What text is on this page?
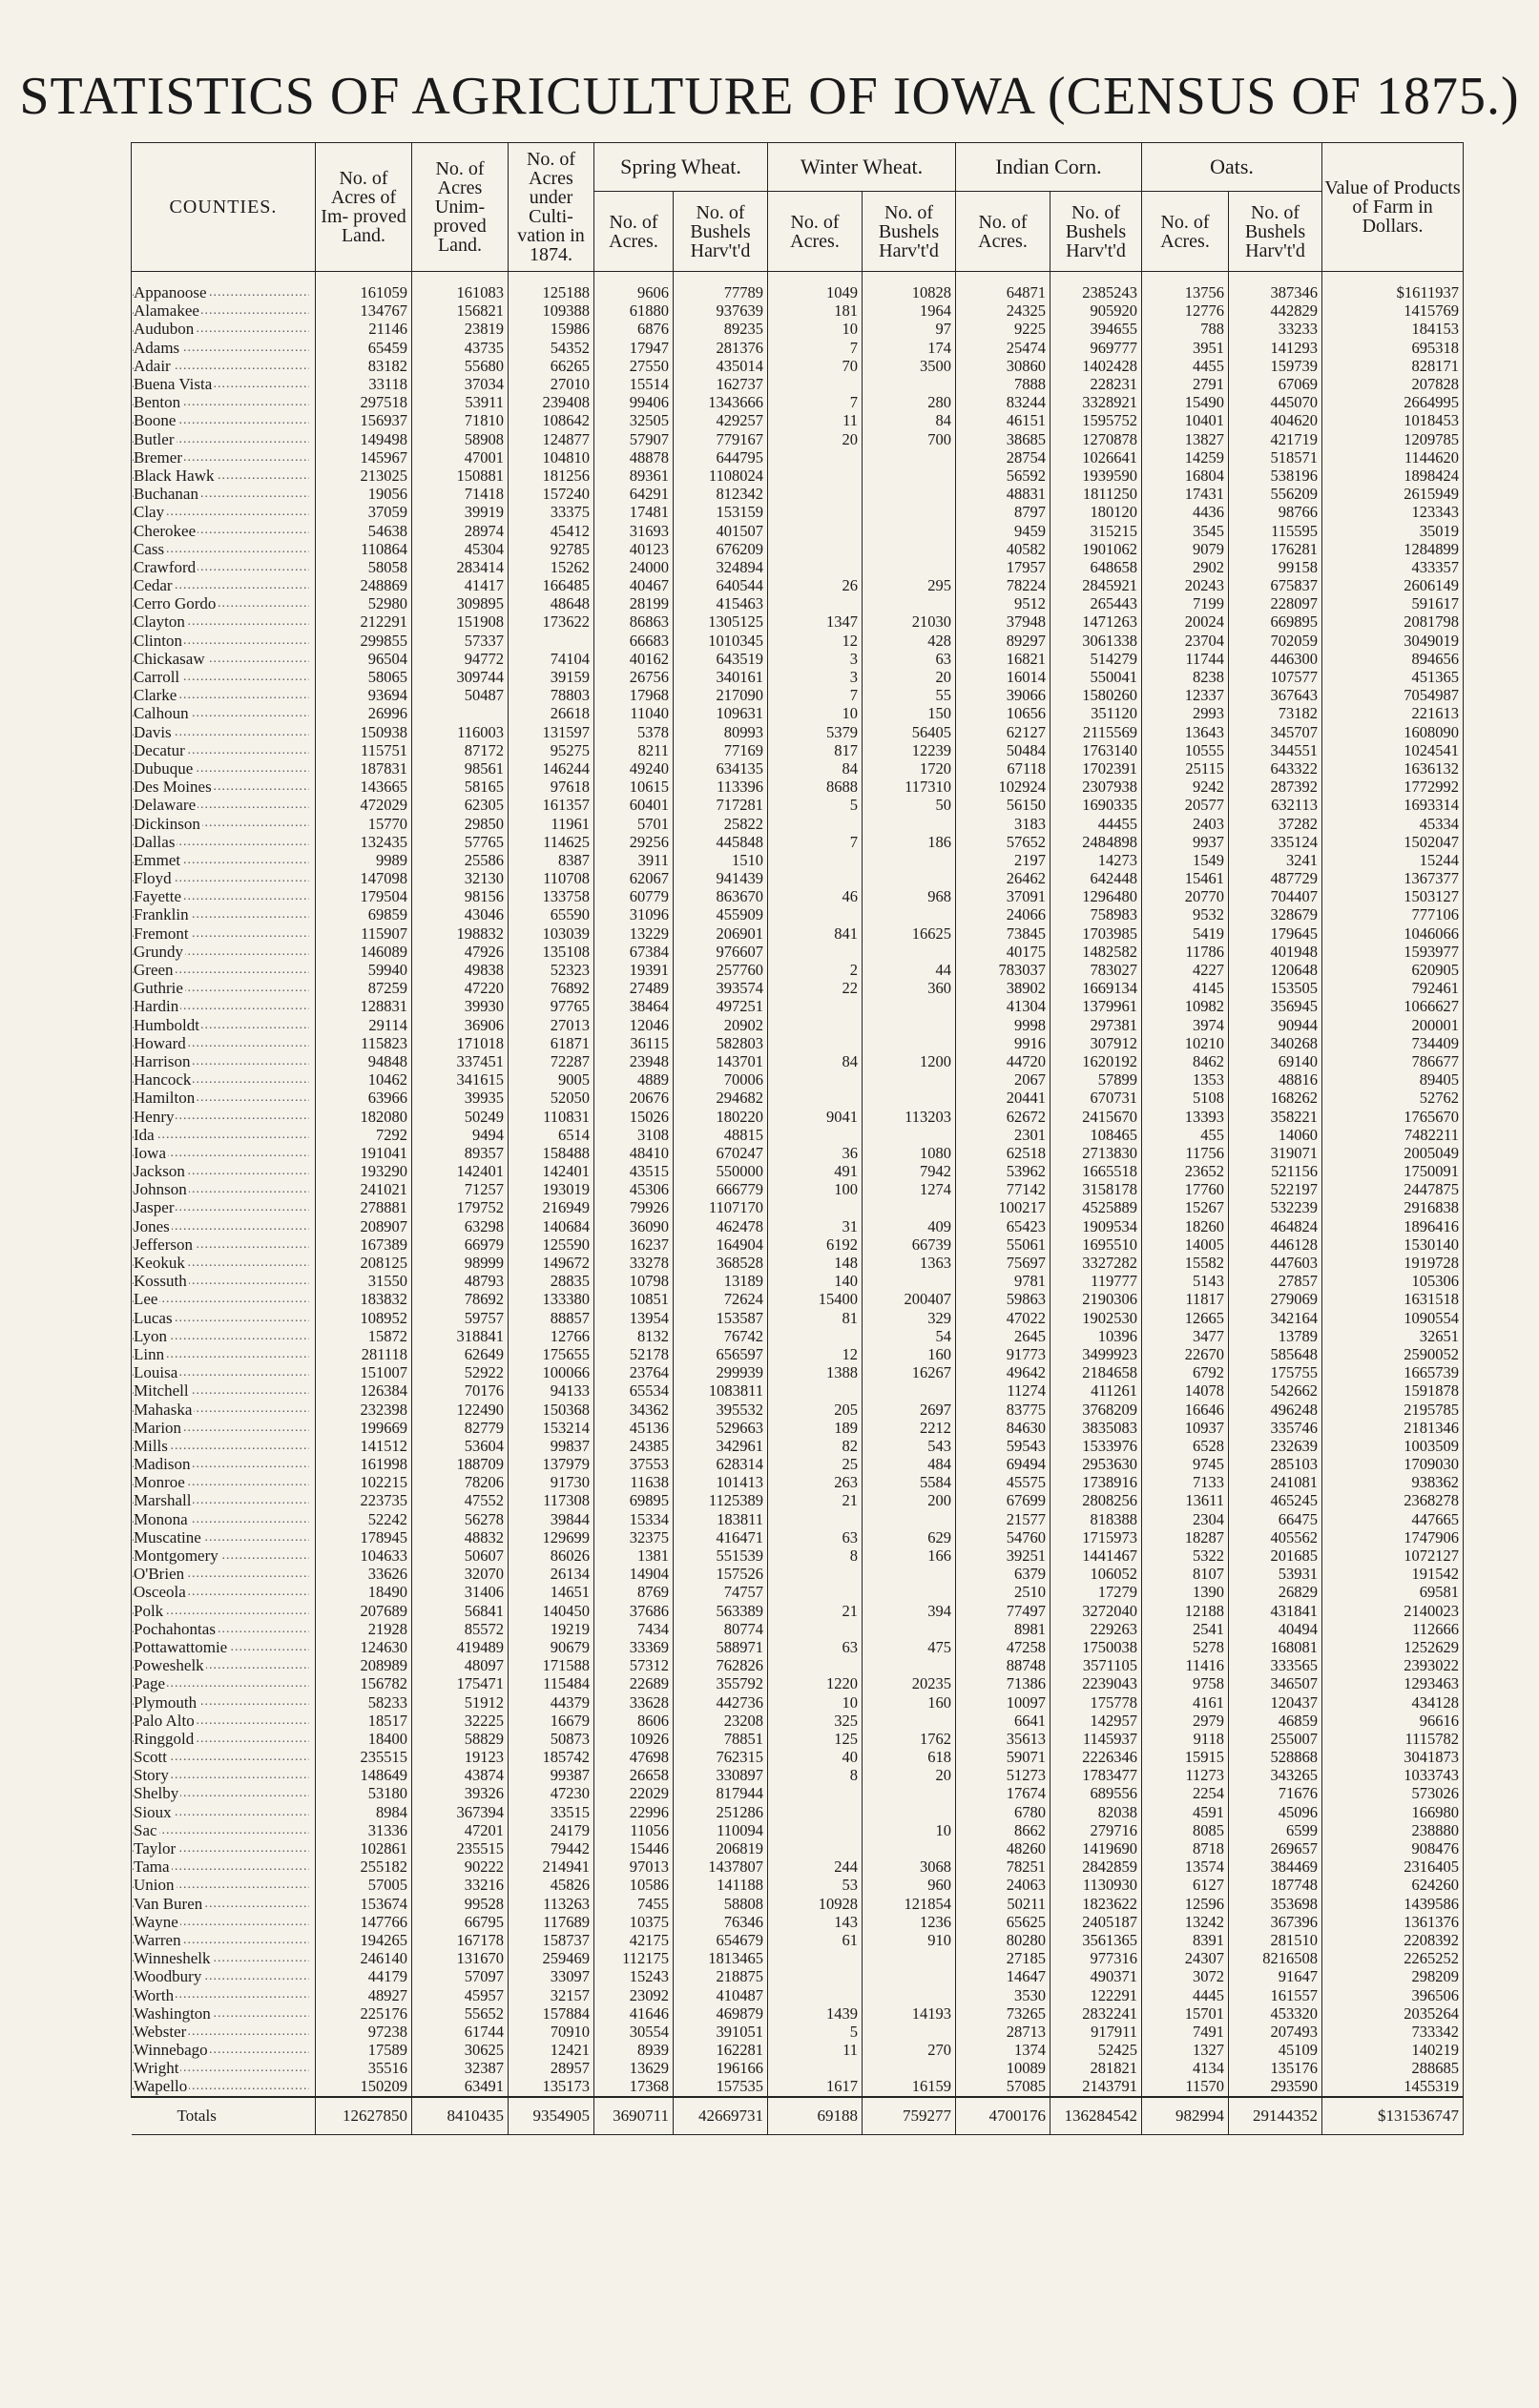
STATISTICS OF AGRICULTURE OF IOWA (CENSUS OF 1875.)
COUNTIES.	No. of Acres of Im- proved Land.	No. of Acres Unim- proved Land.	No. of Acres under Culti- vation in 1874.	Spring Wheat.		Winter Wheat.		Indian Corn.		Oats.		Value of Products of Farm in Dollars.
				No. of Acres.	No. of Bushels Harv't'd	No. of Acres.	No. of Bushels Harv't'd	No. of Acres.	No. of Bushels Harv't'd	No. of Acres.	No. of Bushels Harv't'd	

Appanoose .....	161059	161083	125188	9606	77789	1049	10828	64871	2385243	13756	387346	$1611937
Alamakee .....	134767	156821	109388	61880	937639	181	1964	24325	905920	12776	442829	1415769
Audubon .....	21146	23819	15986	6876	89235	10	97	9225	394655	788	33233	184153
Adams .....	65459	43735	54352	17947	281376	7	174	25474	969777	3951	141293	695318
Adair .....	83182	55680	66265	27550	435014	70	3500	30860	1402428	4455	159739	828171
Buena Vista .....	33118	37034	27010	15514	162737			7888	228231	2791	67069	207828
Benton .....	297518	53911	239408	99406	1343666	7	280	83244	3328921	15490	445070	2664995
Boone .....	156937	71810	108642	32505	429257	11	84	46151	1595752	10401	404620	1018453
Butler .....	149498	58908	124877	57907	779167	20	700	38685	1270878	13827	421719	1209785
Bremer .....	145967	47001	104810	48878	644795			28754	1026641	14259	518571	1144620
Black Hawk .....	213025	150881	181256	89361	1108024			56592	1939590	16804	538196	1898424
Buchanan .....	19056	71418	157240	64291	812342			48831	1811250	17431	556209	2615949
Clay .....	37059	39919	33375	17481	153159			8797	180120	4436	98766	123343
Cherokee .....	54638	28974	45412	31693	401507			9459	315215	3545	115595	35019
Cass .....	110864	45304	92785	40123	676209			40582	1901062	9079	176281	1284899
Crawford .....	58058	283414	15262	24000	324894			17957	648658	2902	99158	433357
Cedar .....	248869	41417	166485	40467	640544	26	295	78224	2845921	20243	675837	2606149
Cerro Gordo .....	52980	309895	48648	28199	415463			9512	265443	7199	228097	591617
Clayton .....	212291	151908	173622	86863	1305125	1347	21030	37948	1471263	20024	669895	2081798
Clinton .....	299855	57337		66683	1010345	12	428	89297	3061338	23704	702059	3049019
Chickasaw .....	96504	94772	74104	40162	643519	3	63	16821	514279	11744	446300	894656
Carroll .....	58065	309744	39159	26756	340161	3	20	16014	550041	8238	107577	451365
Clarke .....	93694	50487	78803	17968	217090	7	55	39066	1580260	12337	367643	7054987
Calhoun .....	26996		26618	11040	109631	10	150	10656	351120	2993	73182	221613
Davis .....	150938	116003	131597	5378	80993	5379	56405	62127	2115569	13643	345707	1608090
Decatur .....	115751	87172	95275	8211	77169	817	12239	50484	1763140	10555	344551	1024541
Dubuque .....	187831	98561	146244	49240	634135	84	1720	67118	1702391	25115	643322	1636132
Des Moines .....	143665	58165	97618	10615	113396	8688	117310	102924	2307938	9242	287392	1772992
Delaware .....	472029	62305	161357	60401	717281	5	50	56150	1690335	20577	632113	1693314
Dickinson .....	15770	29850	11961	5701	25822			3183	44455	2403	37282	45334
Dallas .....	132435	57765	114625	29256	445848	7	186	57652	2484898	9937	335124	1502047
Emmet .....	9989	25586	8387	3911	1510			2197	14273	1549	3241	15244
Floyd .....	147098	32130	110708	62067	941439			26462	642448	15461	487729	1367377
Fayette .....	179504	98156	133758	60779	863670	46	968	37091	1296480	20770	704407	1503127
Franklin .....	69859	43046	65590	31096	455909			24066	758983	9532	328679	777106
Fremont .....	115907	198832	103039	13229	206901	841	16625	73845	1703985	5419	179645	1046066
Grundy .....	146089	47926	135108	67384	976607			40175	1482582	11786	401948	1593977
Green .....	59940	49838	52323	19391	257760	2	44	783037	783027	4227	120648	620905
Guthrie .....	87259	47220	76892	27489	393574	22	360	38902	1669134	4145	153505	792461
Hardin .....	128831	39930	97765	38464	497251			41304	1379961	10982	356945	1066627
Humboldt .....	29114	36906	27013	12046	20902			9998	297381	3974	90944	200001
Howard .....	115823	171018	61871	36115	582803			9916	307912	10210	340268	734409
Harrison .....	94848	337451	72287	23948	143701	84	1200	44720	1620192	8462	69140	786677
Hancock .....	10462	341615	9005	4889	70006			2067	57899	1353	48816	89405
Hamilton .....	63966	39935	52050	20676	294682			20441	670731	5108	168262	52762
Henry .....	182080	50249	110831	15026	180220	9041	113203	62672	2415670	13393	358221	1765670
Ida .....	7292	9494	6514	3108	48815			2301	108465	455	14060	7482211
Iowa .....	191041	89357	158488	48410	670247	36	1080	62518	2713830	11756	319071	2005049
Jackson .....	193290	142401	142401	43515	550000	491	7942	53962	1665518	23652	521156	1750091
Johnson .....	241021	71257	193019	45306	666779	100	1274	77142	3158178	17760	522197	2447875
Jasper .....	278881	179752	216949	79926	1107170			100217	4525889	15267	532239	2916838
Jones .....	208907	63298	140684	36090	462478	31	409	65423	1909534	18260	464824	1896416
Jefferson .....	167389	66979	125590	16237	164904	6192	66739	55061	1695510	14005	446128	1530140
Keokuk .....	208125	98999	149672	33278	368528	148	1363	75697	3327282	15582	447603	1919728
Kossuth .....	31550	48793	28835	10798	13189	140		9781	119777	5143	27857	105306
Lee .....	183832	78692	133380	10851	72624	15400	200407	59863	2190306	11817	279069	1631518
Lucas .....	108952	59757	88857	13954	153587	81	329	47022	1902530	12665	342164	1090554
Lyon .....	15872	318841	12766	8132	76742		54	2645	10396	3477	13789	32651
Linn .....	281118	62649	175655	52178	656597	12	160	91773	3499923	22670	585648	2590052
Louisa .....	151007	52922	100066	23764	299939	1388	16267	49642	2184658	6792	175755	1665739
Mitchell .....	126384	70176	94133	65534	1083811			11274	411261	14078	542662	1591878
Mahaska .....	232398	122490	150368	34362	395532	205	2697	83775	3768209	16646	496248	2195785
Marion .....	199669	82779	153214	45136	529663	189	2212	84630	3835083	10937	335746	2181346
Mills .....	141512	53604	99837	24385	342961	82	543	59543	1533976	6528	232639	1003509
Madison .....	161998	188709	137979	37553	628314	25	484	69494	2953630	9745	285103	1709030
Monroe .....	102215	78206	91730	11638	101413	263	5584	45575	1738916	7133	241081	938362
Marshall .....	223735	47552	117308	69895	1125389	21	200	67699	2808256	13611	465245	2368278
Monona .....	52242	56278	39844	15334	183811			21577	818388	2304	66475	447665
Muscatine .....	178945	48832	129699	32375	416471	63	629	54760	1715973	18287	405562	1747906
Montgomery .....	104633	50607	86026	1381	551539	8	166	39251	1441467	5322	201685	1072127
O'Brien .....	33626	32070	26134	14904	157526			6379	106052	8107	53931	191542
Osceola .....	18490	31406	14651	8769	74757			2510	17279	1390	26829	69581
Polk .....	207689	56841	140450	37686	563389	21	394	77497	3272040	12188	431841	2140023
Pochahontas .....	21928	85572	19219	7434	80774			8981	229263	2541	40494	112666
Pottawattomie .....	124630	419489	90679	33369	588971	63	475	47258	1750038	5278	168081	1252629
Poweshelk .....	208989	48097	171588	57312	762826			88748	3571105	11416	333565	2393022
Page .....	156782	175471	115484	22689	355792	1220	20235	71386	2239043	9758	346507	1293463
Plymouth .....	58233	51912	44379	33628	442736	10	160	10097	175778	4161	120437	434128
Palo Alto .....	18517	32225	16679	8606	23208	325		6641	142957	2979	46859	96616
Ringgold .....	18400	58829	50873	10926	78851	125	1762	35613	1145937	9118	255007	1115782
Scott .....	235515	19123	185742	47698	762315	40	618	59071	2226346	15915	528868	3041873
Story .....	148649	43874	99387	26658	330897	8	20	51273	1783477	11273	343265	1033743
Shelby .....	53180	39326	47230	22029	817944			17674	689556	2254	71676	573026
Sioux .....	8984	367394	33515	22996	251286			6780	82038	4591	45096	166980
Sac .....	31336	47201	24179	11056	110094		10	8662	279716	8085	6599	238880
Taylor .....	102861	235515	79442	15446	206819			48260	1419690	8718	269657	908476
Tama .....	255182	90222	214941	97013	1437807	244	3068	78251	2842859	13574	384469	2316405
Union .....	57005	33216	45826	10586	141188	53	960	24063	1130930	6127	187748	624260
Van Buren .....	153674	99528	113263	7455	58808	10928	121854	50211	1823622	12596	353698	1439586
Wayne .....	147766	66795	117689	10375	76346	143	1236	65625	2405187	13242	367396	1361376
Warren .....	194265	167178	158737	42175	654679	61	910	80280	3561365	8391	281510	2208392
Winneshelk .....	246140	131670	259469	112175	1813465			27185	977316	24307	8216508	2265252
Woodbury .....	44179	57097	33097	15243	218875			14647	490371	3072	91647	298209
Worth .....	48927	45957	32157	23092	410487			3530	122291	4445	161557	396506
Washington .....	225176	55652	157884	41646	469879	1439	14193	73265	2832241	15701	453320	2035264
Webster .....	97238	61744	70910	30554	391051	5		28713	917911	7491	207493	733342
Winnebago .....	17589	30625	12421	8939	162281	11	270	1374	52425	1327	45109	140219
Wright .....	35516	32387	28957	13629	196166			10089	281821	4134	135176	288685
Wapello .....	150209	63491	135173	17368	157535	1617	16159	57085	2143791	11570	293590	1455319
Totals	12627850	8410435	9354905	3690711	42669731	69188	759277	4700176	136284542	982994	29144352	$131536747
